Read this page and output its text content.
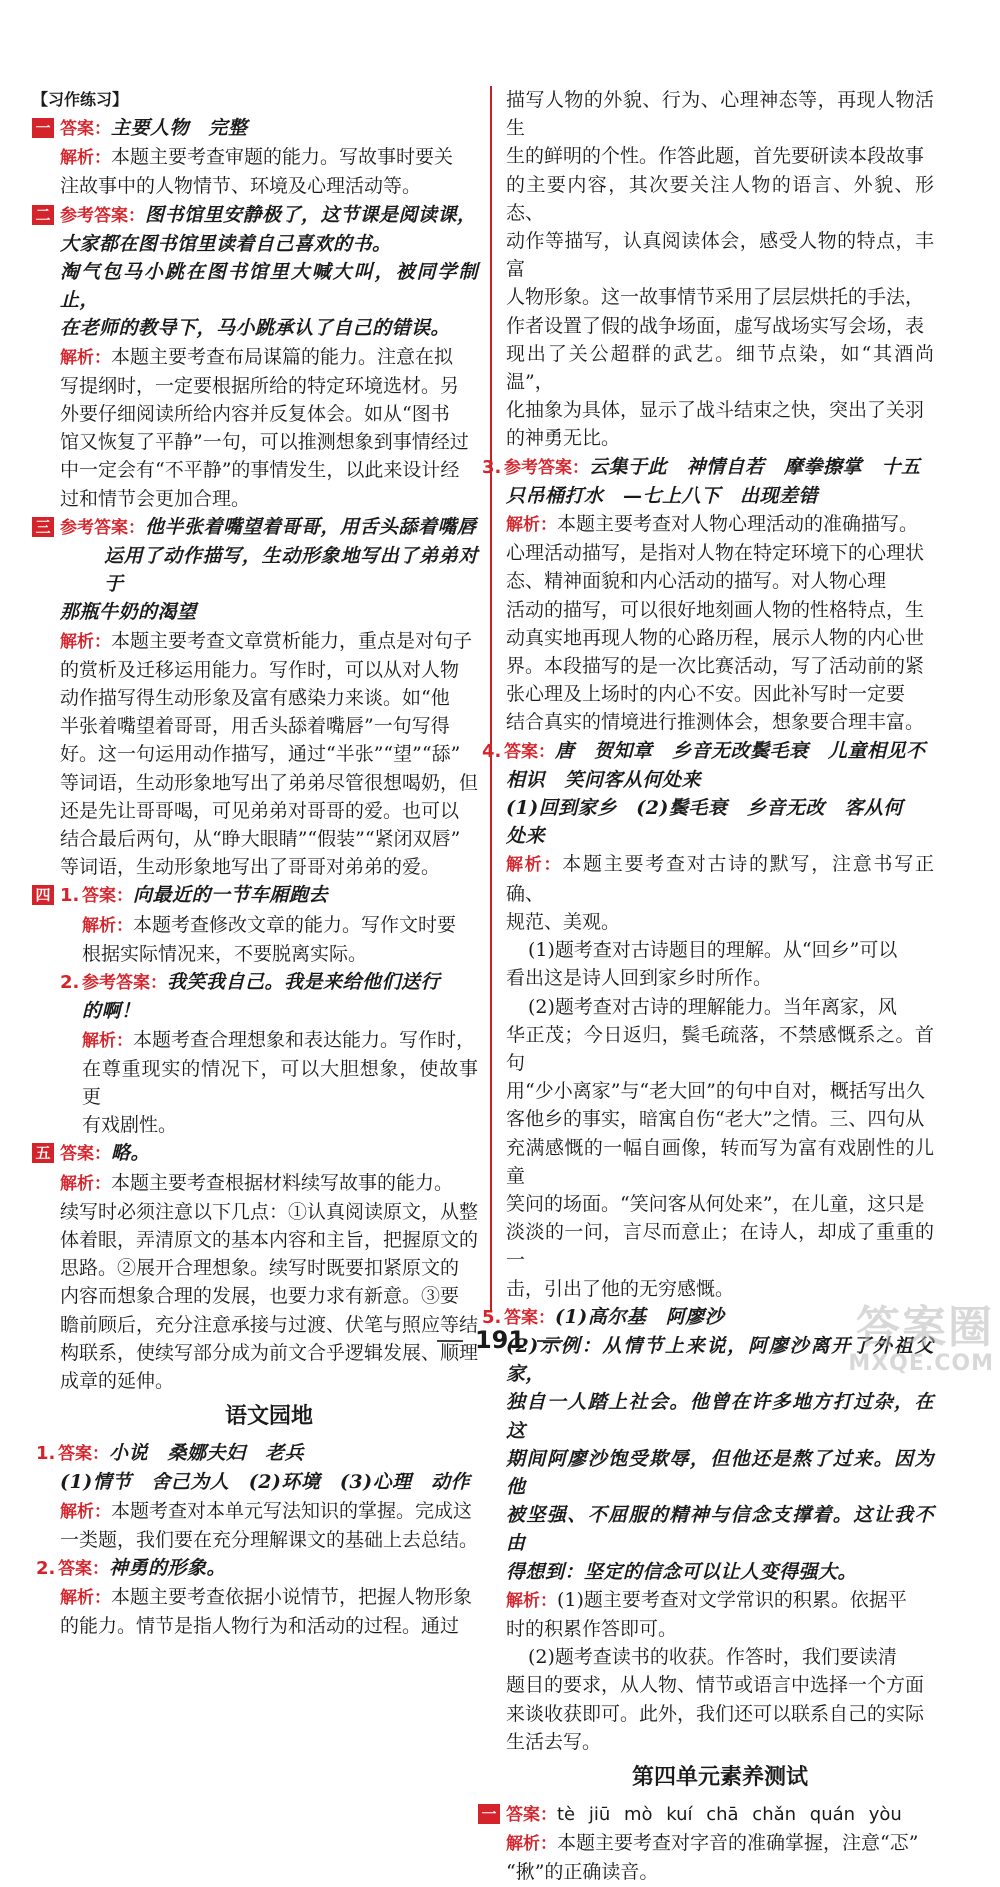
【习作练习】

一 答案：主要人物　完整

解析：本题主要考查审题的能力。写故事时要关

注故事中的人物情节、环境及心理活动等。

二 参考答案：图书馆里安静极了，这节课是阅读课，

大家都在图书馆里读着自己喜欢的书。

淘气包马小跳在图书馆里大喊大叫，被同学制止，

在老师的教导下，马小跳承认了自己的错误。

解析：本题主要考查布局谋篇的能力。注意在拟

写提纲时，一定要根据所给的特定环境选材。另

外要仔细阅读所给内容并反复体会。如从“图书

馆又恢复了平静”一句，可以推测想象到事情经过

中一定会有“不平静”的事情发生，以此来设计经

过和情节会更加合理。

三 参考答案：他半张着嘴望着哥哥，用舌头舔着嘴唇

运用了动作描写，生动形象地写出了弟弟对于

那瓶牛奶的渴望

解析：本题主要考查文章赏析能力，重点是对句子

的赏析及迁移运用能力。写作时，可以从对人物

动作描写得生动形象及富有感染力来谈。如“他

半张着嘴望着哥哥，用舌头舔着嘴唇”一句写得

好。这一句运用动作描写，通过“半张”“望”“舔”

等词语，生动形象地写出了弟弟尽管很想喝奶，但

还是先让哥哥喝，可见弟弟对哥哥的爱。也可以

结合最后两句，从“睁大眼睛”“假装”“紧闭双唇”

等词语，生动形象地写出了哥哥对弟弟的爱。

四 1. 答案：向最近的一节车厢跑去

解析：本题考查修改文章的能力。写作文时要

根据实际情况来，不要脱离实际。

2. 参考答案：我笑我自己。我是来给他们送行

的啊！

解析：本题考查合理想象和表达能力。写作时，

在尊重现实的情况下，可以大胆想象，使故事更

有戏剧性。

五 答案：略。

解析：本题主要考查根据材料续写故事的能力。

续写时必须注意以下几点：①认真阅读原文，从整

体着眼，弄清原文的基本内容和主旨，把握原文的

思路。②展开合理想象。续写时既要扣紧原文的

内容而想象合理的发展，也要力求有新意。③要

瞻前顾后，充分注意承接与过渡、伏笔与照应等结

构联系，使续写部分成为前文合乎逻辑发展、顺理

成章的延伸。

语文园地

1. 答案：小说　桑娜夫妇　老兵

(1)情节　舍己为人　(2)环境　(3)心理　动作

解析：本题考查对本单元写法知识的掌握。完成这

一类题，我们要在充分理解课文的基础上去总结。

2. 答案：神勇的形象。

解析：本题主要考查依据小说情节，把握人物形象

的能力。情节是指人物行为和活动的过程。通过

描写人物的外貌、行为、心理神态等，再现人物活生

生的鲜明的个性。作答此题，首先要研读本段故事

的主要内容，其次要关注人物的语言、外貌、形态、

动作等描写，认真阅读体会，感受人物的特点，丰富

人物形象。这一故事情节采用了层层烘托的手法，

作者设置了假的战争场面，虚写战场实写会场，表

现出了关公超群的武艺。细节点染，如“其酒尚温”，

化抽象为具体，显示了战斗结束之快，突出了关羽

的神勇无比。

3. 参考答案：云集于此　神情自若　摩拳擦掌　十五

只吊桶打水　—七上八下　出现差错

解析：本题主要考查对人物心理活动的准确描写。

心理活动描写，是指对人物在特定环境下的心理状

态、精神面貌和内心活动的描写。对人物心理

活动的描写，可以很好地刻画人物的性格特点，生

动真实地再现人物的心路历程，展示人物的内心世

界。本段描写的是一次比赛活动，写了活动前的紧

张心理及上场时的内心不安。因此补写时一定要

结合真实的情境进行推测体会，想象要合理丰富。

4. 答案：唐　贺知章　乡音无改鬓毛衰　儿童相见不

相识　笑问客从何处来

(1)回到家乡　(2)鬓毛衰　乡音无改　客从何

处来

解析：本题主要考查对古诗的默写，注意书写正确、

规范、美观。

(1)题考查对古诗题目的理解。从“回乡”可以

看出这是诗人回到家乡时所作。

(2)题考查对古诗的理解能力。当年离家，风

华正茂；今日返归，鬓毛疏落，不禁感慨系之。首句

用“少小离家”与“老大回”的句中自对，概括写出久

客他乡的事实，暗寓自伤“老大”之情。三、四句从

充满感慨的一幅自画像，转而写为富有戏剧性的儿童

笑问的场面。“笑问客从何处来”，在儿童，这只是

淡淡的一问，言尽而意止；在诗人，却成了重重的一

击，引出了他的无穷感慨。

5. 答案：(1)高尔基　阿廖沙

(2)示例：从情节上来说，阿廖沙离开了外祖父家，

独自一人踏上社会。他曾在许多地方打过杂，在这

期间阿廖沙饱受欺辱，但他还是熬了过来。因为他

被坚强、不屈服的精神与信念支撑着。这让我不由

得想到：坚定的信念可以让人变得强大。

解析：(1)题主要考查对文学常识的积累。依据平

时的积累作答即可。

(2)题考查读书的收获。作答时，我们要读清

题目的要求，从人物、情节或语言中选择一个方面

来谈收获即可。此外，我们还可以联系自己的实际

生活去写。

第四单元素养测试

一 答案：tè jiū mò kuí chā chǎn quán yòu

解析：本题主要考查对字音的准确掌握，注意“忑”

“揪”的正确读音。

191	答案圈
MXQE.COM
